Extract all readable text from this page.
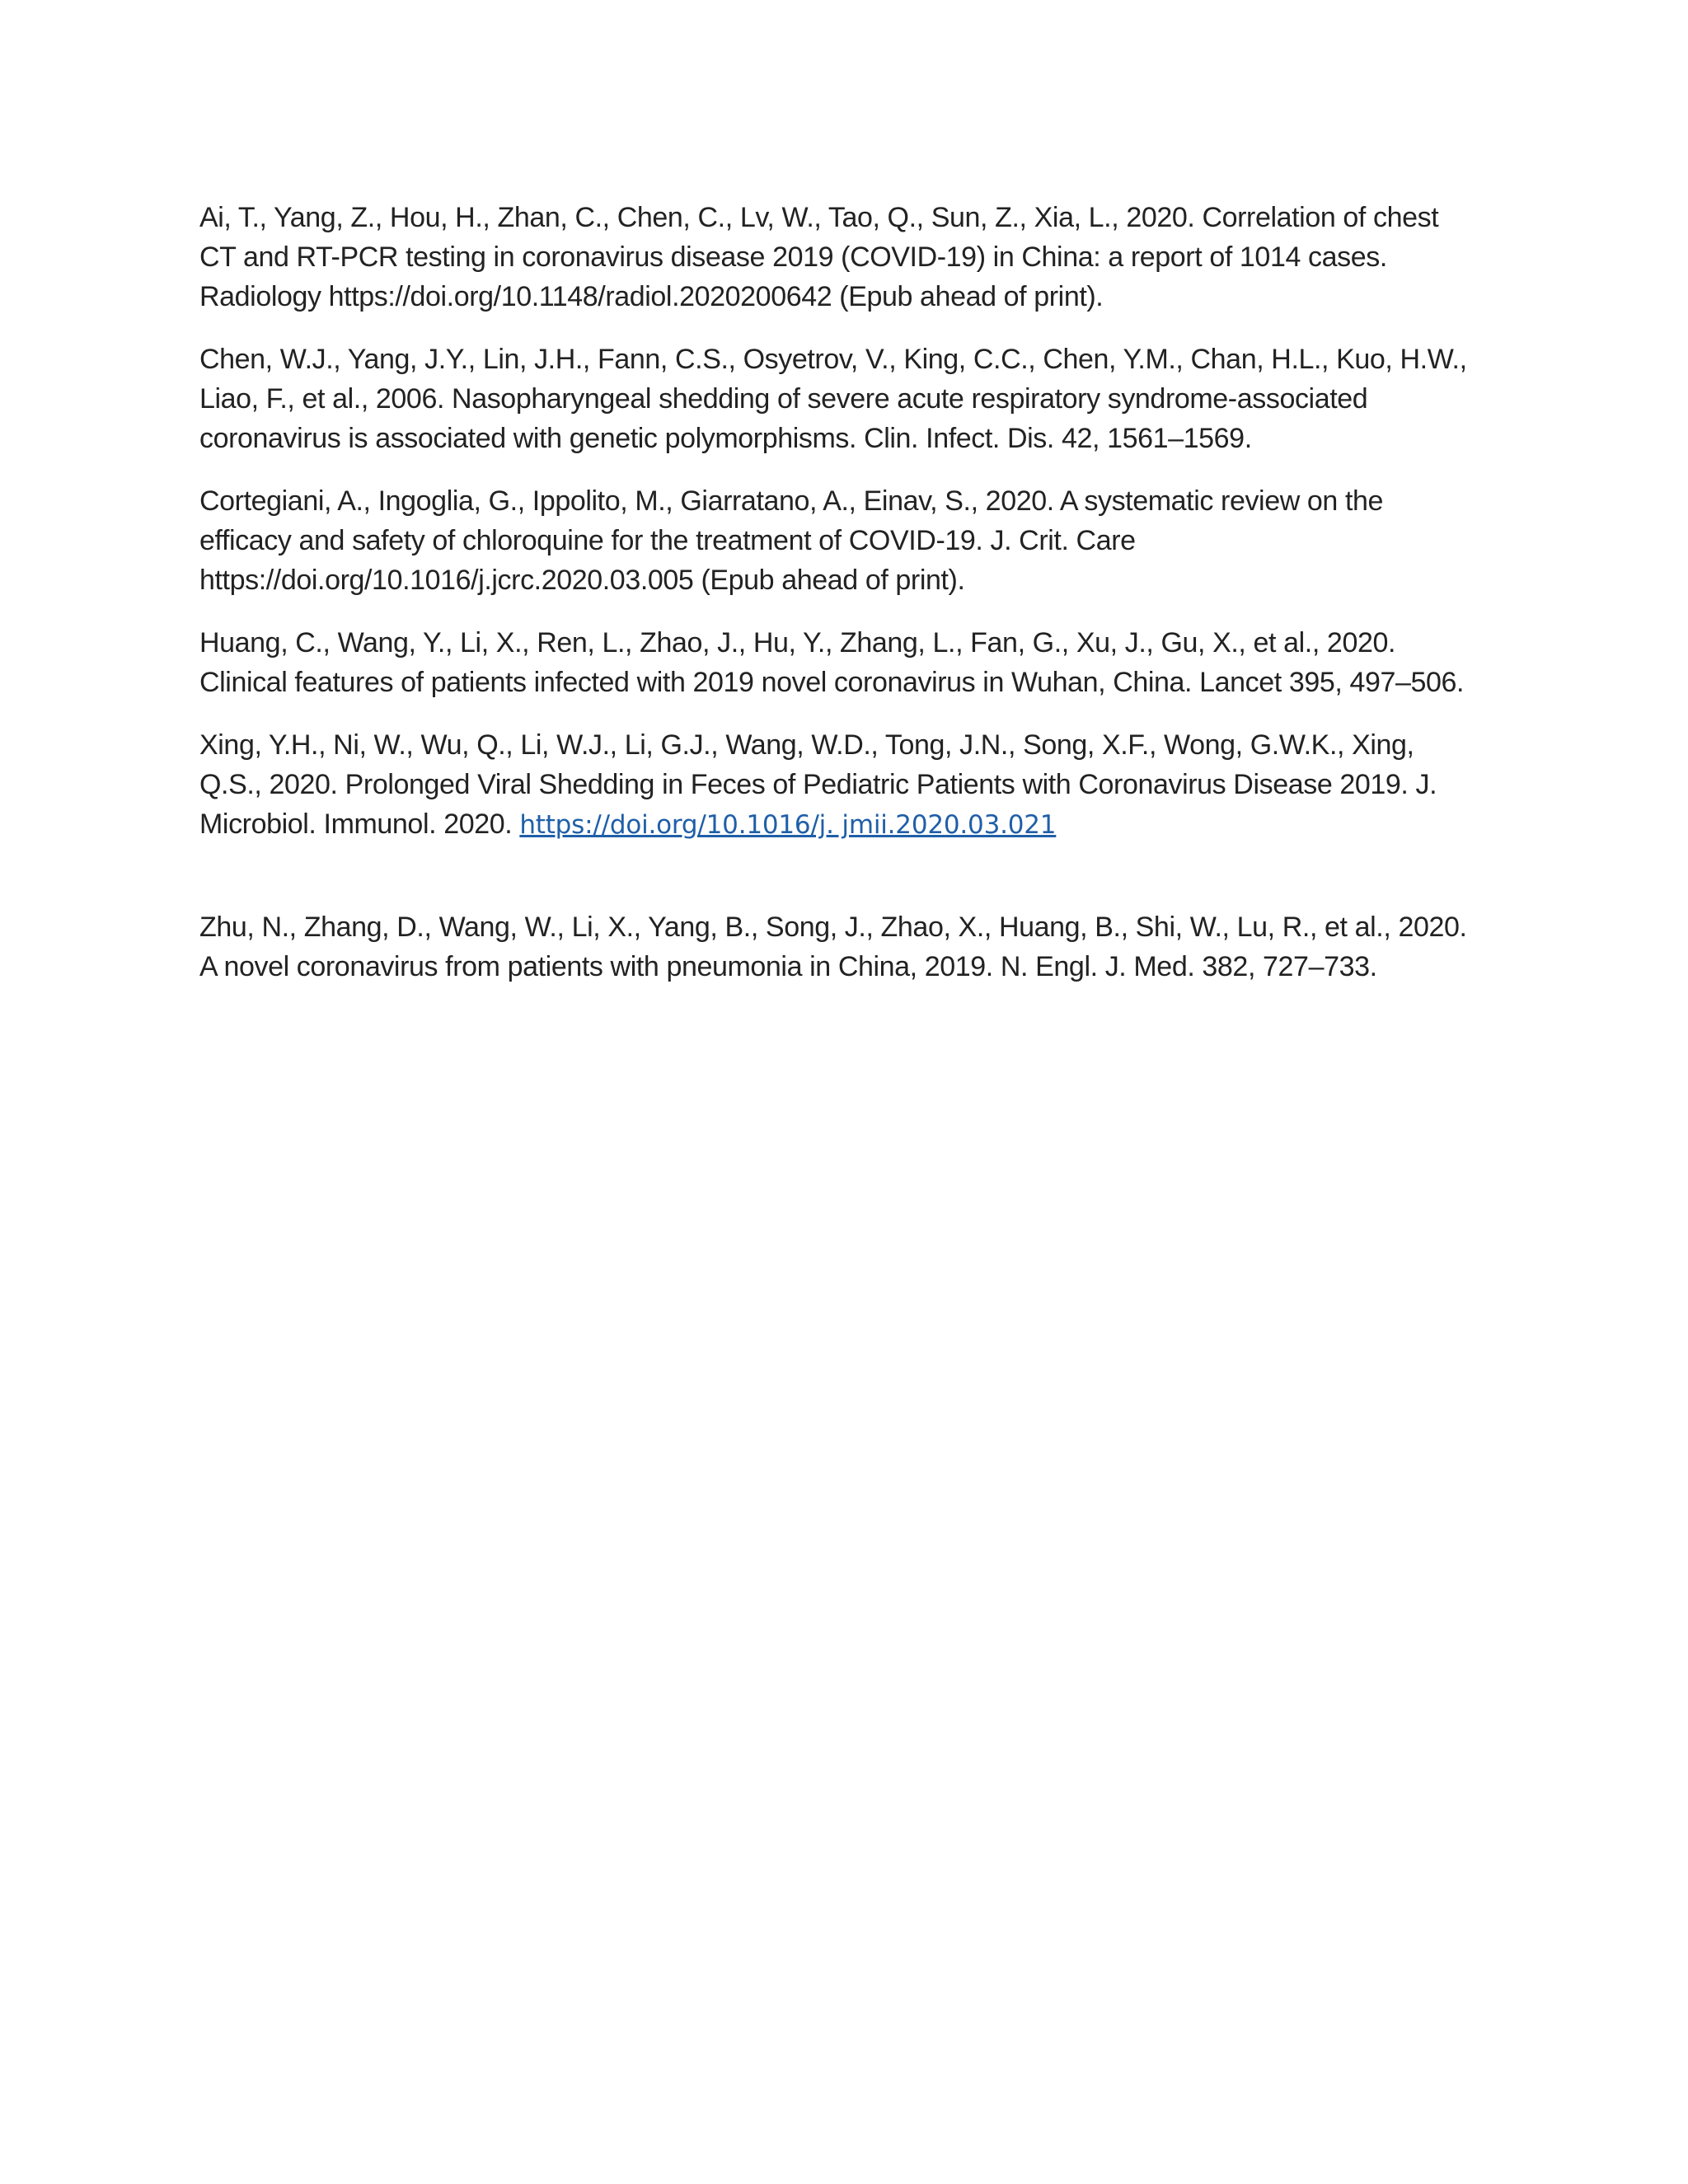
Ai, T., Yang, Z., Hou, H., Zhan, C., Chen, C., Lv, W., Tao, Q., Sun, Z., Xia, L., 2020. Correlation of chest CT and RT-PCR testing in coronavirus disease 2019 (COVID-19) in China: a report of 1014 cases. Radiology https://doi.org/10.1148/radiol.2020200642 (Epub ahead of print).

Chen, W.J., Yang, J.Y., Lin, J.H., Fann, C.S., Osyetrov, V., King, C.C., Chen, Y.M., Chan, H.L., Kuo, H.W., Liao, F., et al., 2006. Nasopharyngeal shedding of severe acute respiratory syndrome-associated coronavirus is associated with genetic polymorphisms. Clin. Infect. Dis. 42, 1561–1569.

Cortegiani, A., Ingoglia, G., Ippolito, M., Giarratano, A., Einav, S., 2020. A systematic review on the efficacy and safety of chloroquine for the treatment of COVID-19. J. Crit. Care https://doi.org/10.1016/j.jcrc.2020.03.005 (Epub ahead of print).

Huang, C., Wang, Y., Li, X., Ren, L., Zhao, J., Hu, Y., Zhang, L., Fan, G., Xu, J., Gu, X., et al., 2020. Clinical features of patients infected with 2019 novel coronavirus in Wuhan, China. Lancet 395, 497–506.

Xing, Y.H., Ni, W., Wu, Q., Li, W.J., Li, G.J., Wang, W.D., Tong, J.N., Song, X.F., Wong, G.W.K., Xing, Q.S., 2020. Prolonged Viral Shedding in Feces of Pediatric Patients with Coronavirus Disease 2019. J. Microbiol. Immunol. 2020. https://doi.org/10.1016/j. jmii.2020.03.021

Zhu, N., Zhang, D., Wang, W., Li, X., Yang, B., Song, J., Zhao, X., Huang, B., Shi, W., Lu, R., et al., 2020. A novel coronavirus from patients with pneumonia in China, 2019. N. Engl. J. Med. 382, 727–733.
